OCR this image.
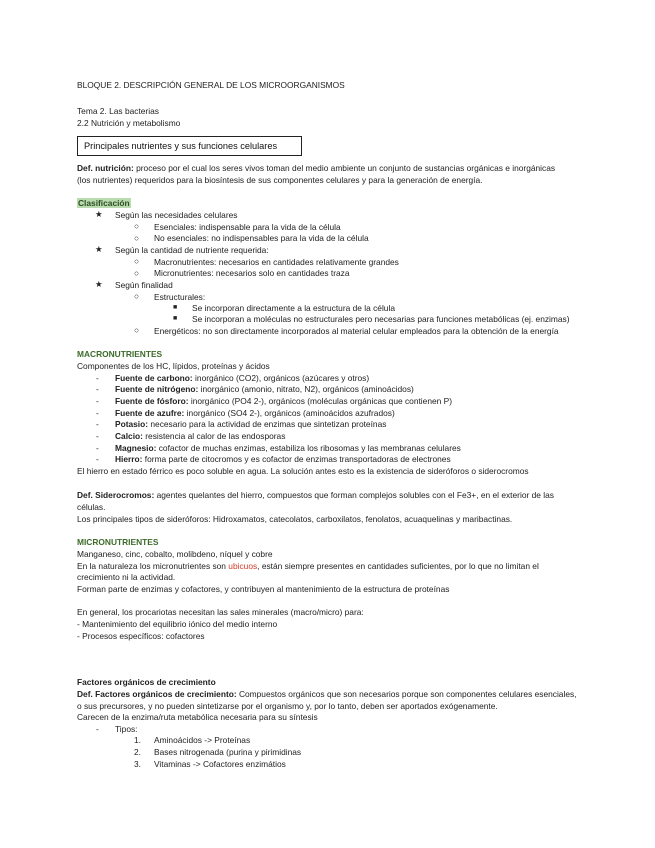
BLOQUE 2. DESCRIPCIÓN GENERAL DE LOS MICROORGANISMOS
Tema 2. Las bacterias
2.2 Nutrición y metabolismo
Principales nutrientes y sus funciones celulares
Def. nutrición: proceso por el cual los seres vivos toman del medio ambiente un conjunto de sustancias orgánicas e inorgánicas
(los nutrientes) requeridos para la biosíntesis de sus componentes celulares y para la generación de energía.
Clasificación
★ Según las necesidades celulares
○ Esenciales: indispensable para la vida de la célula
○ No esenciales: no indispensables para la vida de la célula
★ Según la cantidad de nutriente requerida:
○ Macronutrientes: necesarios en cantidades relativamente grandes
○ Micronutrientes: necesarios solo en cantidades traza
★ Según finalidad
○ Estructurales:
■ Se incorporan directamente a la estructura de la célula
■ Se incorporan a moléculas no estructurales pero necesarias para funciones metabólicas (ej. enzimas)
○ Energéticos: no son directamente incorporados al material celular empleados para la obtención de la energía
MACRONUTRIENTES
Componentes de los HC, lípidos, proteínas y ácidos
- Fuente de carbono: inorgánico (CO2), orgánicos (azúcares y otros)
- Fuente de nitrógeno: inorgánico (amonio, nitrato, N2), orgánicos (aminoácidos)
- Fuente de fósforo: inorgánico (PO4 2-), orgánicos (moléculas orgánicas que contienen P)
- Fuente de azufre: inorgánico (SO4 2-), orgánicos (aminoácidos azufrados)
- Potasio: necesario para la actividad de enzimas que sintetizan proteínas
- Calcio: resistencia al calor de las endosporas
- Magnesio: cofactor de muchas enzimas, estabiliza los ribosomas y las membranas celulares
- Hierro: forma parte de citocromos y es cofactor de enzimas transportadoras de electrones
El hierro en estado férrico es poco soluble en agua. La solución antes esto es la existencia de sideróforos o siderocromos
Def. Siderocromos: agentes quelantes del hierro, compuestos que forman complejos solubles con el Fe3+, en el exterior de las
células.
Los principales tipos de sideróforos: Hidroxamatos, catecolatos, carboxilatos, fenolatos, acuaquelinas y maribactinas.
MICRONUTRIENTES
Manganeso, cinc, cobalto, molibdeno, níquel y cobre
En la naturaleza los micronutrientes son ubicuos, están siempre presentes en cantidades suficientes, por lo que no limitan el
crecimiento ni la actividad.
Forman parte de enzimas y cofactores, y contribuyen al mantenimiento de la estructura de proteínas
En general, los procariotas necesitan las sales minerales (macro/micro) para:
- Mantenimiento del equilibrio iónico del medio interno
- Procesos específicos: cofactores
Factores orgánicos de crecimiento
Def. Factores orgánicos de crecimiento: Compuestos orgánicos que son necesarios porque son componentes celulares esenciales,
o sus precursores, y no pueden sintetizarse por el organismo y, por lo tanto, deben ser aportados exógenamente.
Carecen de la enzima/ruta metabólica necesaria para su síntesis
- Tipos:
1. Aminoácidos -> Proteínas
2. Bases nitrogenada (purina y pirimidinas
3. Vitaminas -> Cofactores enzimátios
